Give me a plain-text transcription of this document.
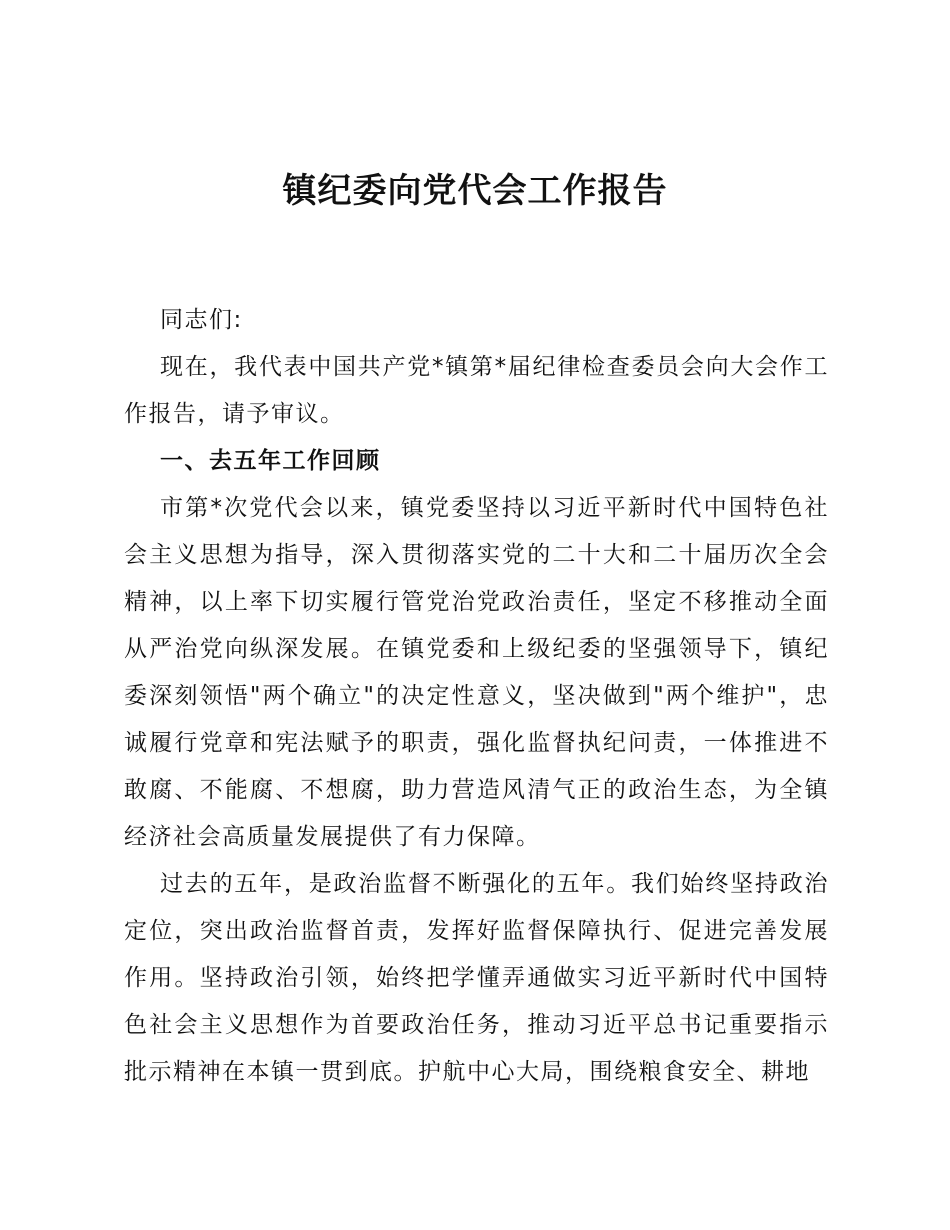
镇纪委向党代会工作报告

同志们:

现在，我代表中国共产党*镇第*届纪律检查委员会向大会作工作报告，请予审议。

一、去五年工作回顾

市第*次党代会以来，镇党委坚持以习近平新时代中国特色社会主义思想为指导，深入贯彻落实党的二十大和二十届历次全会精神，以上率下切实履行管党治党政治责任，坚定不移推动全面从严治党向纵深发展。在镇党委和上级纪委的坚强领导下，镇纪委深刻领悟"两个确立"的决定性意义，坚决做到"两个维护"，忠诚履行党章和宪法赋予的职责，强化监督执纪问责，一体推进不敢腐、不能腐、不想腐，助力营造风清气正的政治生态，为全镇经济社会高质量发展提供了有力保障。

过去的五年，是政治监督不断强化的五年。我们始终坚持政治定位，突出政治监督首责，发挥好监督保障执行、促进完善发展作用。坚持政治引领，始终把学懂弄通做实习近平新时代中国特色社会主义思想作为首要政治任务，推动习近平总书记重要指示批示精神在本镇一贯到底。护航中心大局，围绕粮食安全、耕地
